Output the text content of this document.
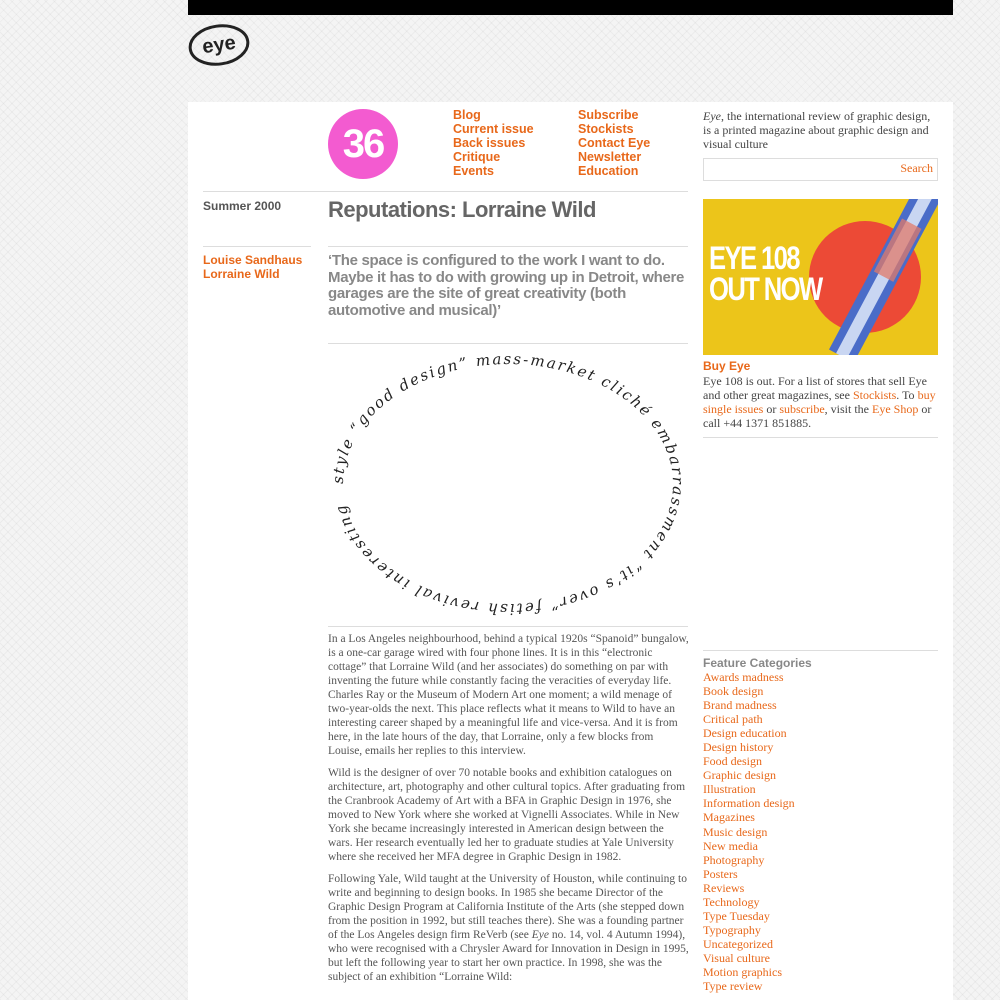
eye
36
Blog
Current issue
Back issues
Critique
Events
Subscribe
Stockists
Contact Eye
Newsletter
Education
Eye, the international review of graphic design, is a printed magazine about graphic design and visual culture
Search
Summer 2000
Louise Sandhaus
Lorraine Wild
Reputations: Lorraine Wild

‘The space is configured to the work I want to do. Maybe it has to do with growing up in Detroit, where garages are the site of great creativity (both automotive and musical)’

style “good design” mass-market cliché embarrassment “it’s over” fetish revival interesting

In a Los Angeles neighbourhood, behind a typical 1920s “Spanoid” bungalow, is a one-car garage wired with four phone lines. It is in this “electronic cottage” that Lorraine Wild (and her associates) do something on par with inventing the future while constantly facing the veracities of everyday life. Charles Ray or the Museum of Modern Art one moment; a wild menage of two-year-olds the next. This place reflects what it means to Wild to have an interesting career shaped by a meaningful life and vice-versa. And it is from here, in the late hours of the day, that Lorraine, only a few blocks from Louise, emails her replies to this interview.

Wild is the designer of over 70 notable books and exhibition catalogues on architecture, art, photography and other cultural topics. After graduating from the Cranbrook Academy of Art with a BFA in Graphic Design in 1976, she moved to New York where she worked at Vignelli Associates. While in New York she became increasingly interested in American design between the wars. Her research eventually led her to graduate studies at Yale University where she received her MFA degree in Graphic Design in 1982.

Following Yale, Wild taught at the University of Houston, while continuing to write and beginning to design books. In 1985 she became Director of the Graphic Design Program at California Institute of the Arts (she stepped down from the position in 1992, but still teaches there). She was a founding partner of the Los Angeles design firm ReVerb (see Eye no. 14, vol. 4 Autumn 1994), who were recognised with a Chrysler Award for Innovation in Design in 1995, but left the following year to start her own practice. In 1998, she was the subject of an exhibition “Lorraine Wild:

EYE 108
OUT NOW
Buy Eye
Eye 108 is out. For a list of stores that sell Eye and other great magazines, see Stockists. To buy single issues or subscribe, visit the Eye Shop or call +44 1371 851885.
Feature Categories
Awards madness
Book design
Brand madness
Critical path
Design education
Design history
Food design
Graphic design
Illustration
Information design
Magazines
Music design
New media
Photography
Posters
Reviews
Technology
Type Tuesday
Typography
Uncategorized
Visual culture
Motion graphics
Type review
